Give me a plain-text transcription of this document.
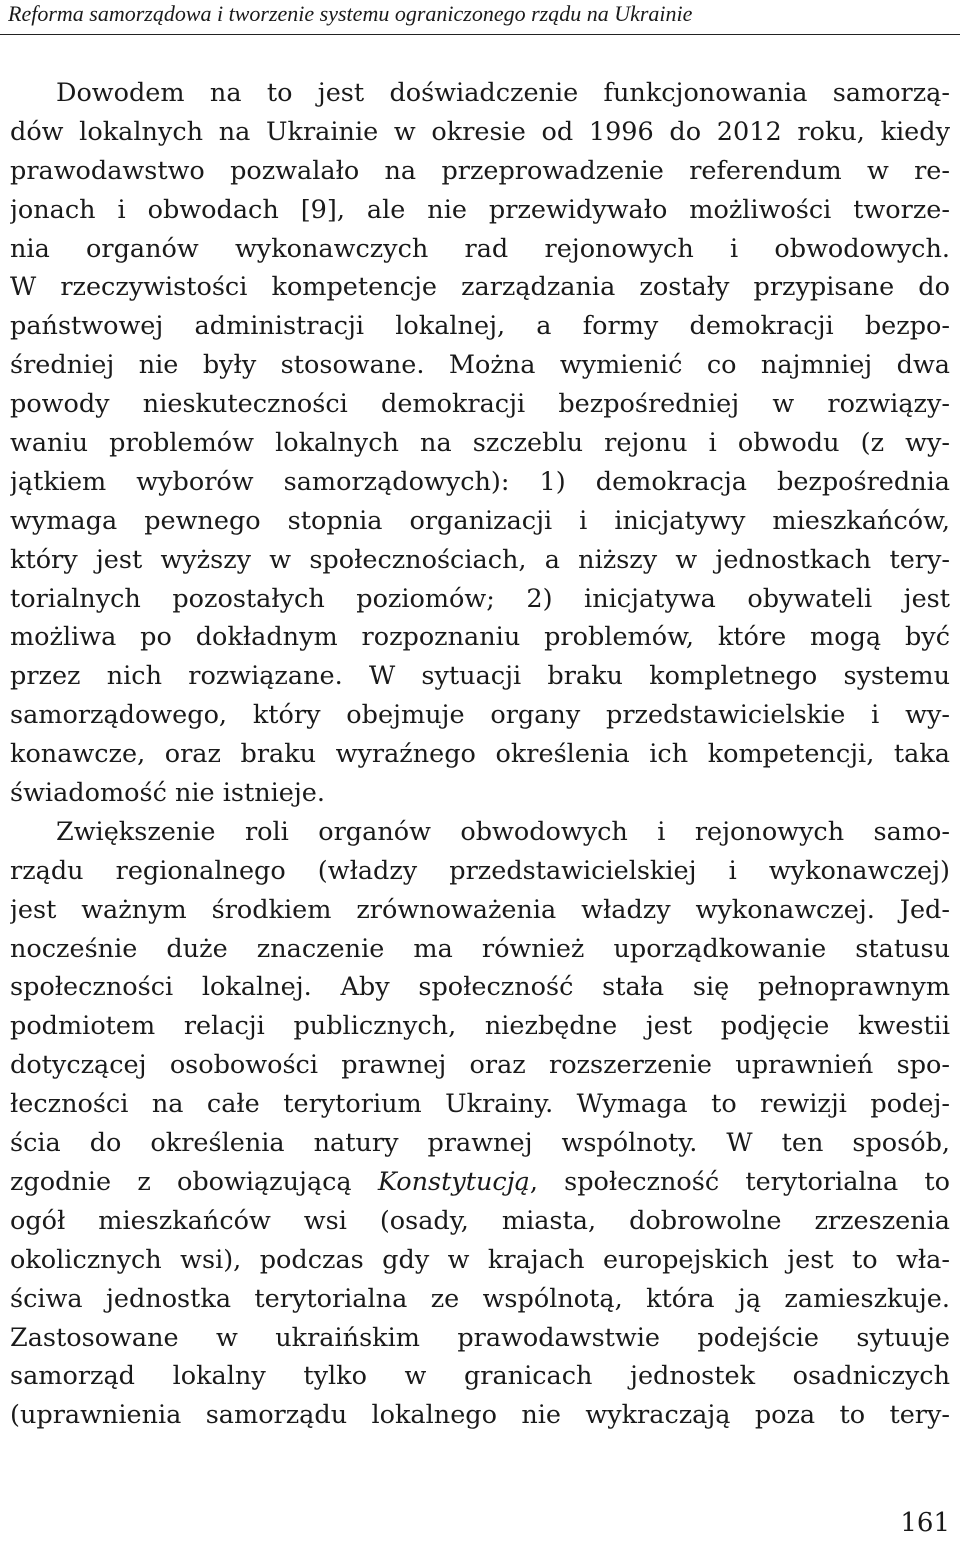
Reforma samorządowa i tworzenie systemu ograniczonego rządu na Ukrainie
Dowodem na to jest doświadczenie funkcjonowania samorzą-
dów lokalnych na Ukrainie w okresie od 1996 do 2012 roku, kiedy
prawodawstwo pozwalało na przeprowadzenie referendum w re-
jonach i obwodach [9], ale nie przewidywało możliwości tworze-
nia organów wykonawczych rad rejonowych i obwodowych.
W rzeczywistości kompetencje zarządzania zostały przypisane do
państwowej administracji lokalnej, a formy demokracji bezpo-
średniej nie były stosowane. Można wymienić co najmniej dwa
powody nieskuteczności demokracji bezpośredniej w rozwiązy-
waniu problemów lokalnych na szczeblu rejonu i obwodu (z wy-
jątkiem wyborów samorządowych): 1) demokracja bezpośrednia
wymaga pewnego stopnia organizacji i inicjatywy mieszkańców,
który jest wyższy w społecznościach, a niższy w jednostkach tery-
torialnych pozostałych poziomów; 2) inicjatywa obywateli jest
możliwa po dokładnym rozpoznaniu problemów, które mogą być
przez nich rozwiązane. W sytuacji braku kompletnego systemu
samorządowego, który obejmuje organy przedstawicielskie i wy-
konawcze, oraz braku wyraźnego określenia ich kompetencji, taka
świadomość nie istnieje.
Zwiększenie roli organów obwodowych i rejonowych samo-
rządu regionalnego (władzy przedstawicielskiej i wykonawczej)
jest ważnym środkiem zrównoważenia władzy wykonawczej. Jed-
nocześnie duże znaczenie ma również uporządkowanie statusu
społeczności lokalnej. Aby społeczność stała się pełnoprawnym
podmiotem relacji publicznych, niezbędne jest podjęcie kwestii
dotyczącej osobowości prawnej oraz rozszerzenie uprawnień spo-
łeczności na całe terytorium Ukrainy. Wymaga to rewizji podej-
ścia do określenia natury prawnej wspólnoty. W ten sposób,
zgodnie z obowiązującą Konstytucją, społeczność terytorialna to
ogół mieszkańców wsi (osady, miasta, dobrowolne zrzeszenia
okolicznych wsi), podczas gdy w krajach europejskich jest to wła-
ściwa jednostka terytorialna ze wspólnotą, która ją zamieszkuje.
Zastosowane w ukraińskim prawodawstwie podejście sytuuje
samorząd lokalny tylko w granicach jednostek osadniczych
(uprawnienia samorządu lokalnego nie wykraczają poza to tery-
161
